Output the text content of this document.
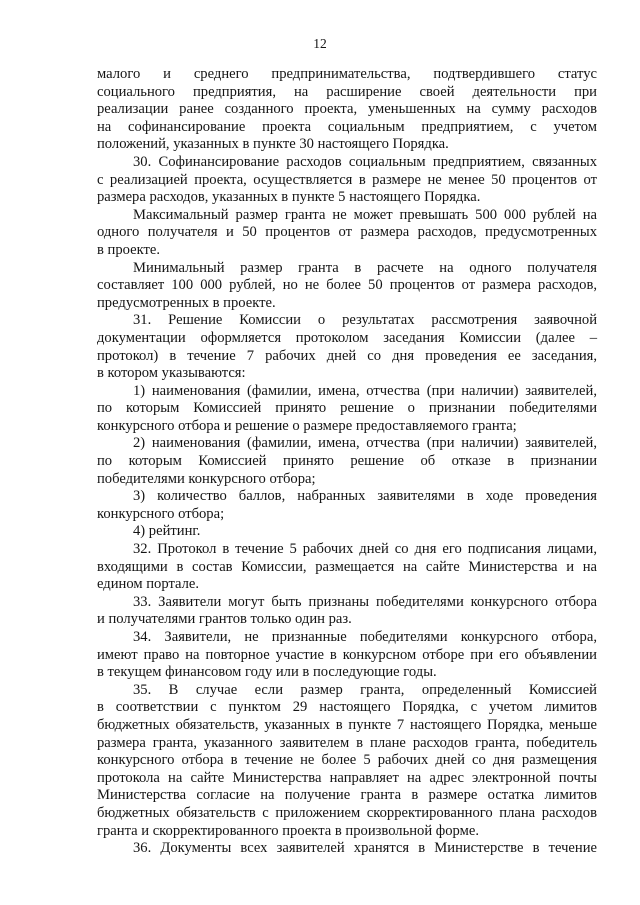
12
малого и среднего предпринимательства, подтвердившего статус
социального предприятия, на расширение своей деятельности при
реализации ранее созданного проекта, уменьшенных на сумму расходов
на софинансирование проекта социальным предприятием, с учетом
положений, указанных в пункте 30 настоящего Порядка.
30. Софинансирование расходов социальным предприятием, связанных
с реализацией проекта, осуществляется в размере не менее 50 процентов от
размера расходов, указанных в пункте 5 настоящего Порядка.
Максимальный размер гранта не может превышать 500 000 рублей на
одного получателя и 50 процентов от размера расходов, предусмотренных
в проекте.
Минимальный размер гранта в расчете на одного получателя
составляет 100 000 рублей, но не более 50 процентов от размера расходов,
предусмотренных в проекте.
31. Решение Комиссии о результатах рассмотрения заявочной
документации оформляется протоколом заседания Комиссии (далее –
протокол) в течение 7 рабочих дней со дня проведения ее заседания,
в котором указываются:
1) наименования (фамилии, имена, отчества (при наличии) заявителей,
по которым Комиссией принято решение о признании победителями
конкурсного отбора и решение о размере предоставляемого гранта;
2) наименования (фамилии, имена, отчества (при наличии) заявителей,
по которым Комиссией принято решение об отказе в признании
победителями конкурсного отбора;
3) количество баллов, набранных заявителями в ходе проведения
конкурсного отбора;
4) рейтинг.
32. Протокол в течение 5 рабочих дней со дня его подписания лицами,
входящими в состав Комиссии, размещается на сайте Министерства и на
едином портале.
33. Заявители могут быть признаны победителями конкурсного отбора
и получателями грантов только один раз.
34. Заявители, не признанные победителями конкурсного отбора,
имеют право на повторное участие в конкурсном отборе при его объявлении
в текущем финансовом году или в последующие годы.
35. В случае если размер гранта, определенный Комиссией
в соответствии с пунктом 29 настоящего Порядка, с учетом лимитов
бюджетных обязательств, указанных в пункте 7 настоящего Порядка, меньше
размера гранта, указанного заявителем в плане расходов гранта, победитель
конкурсного отбора в течение не более 5 рабочих дней со дня размещения
протокола на сайте Министерства направляет на адрес электронной почты
Министерства согласие на получение гранта в размере остатка лимитов
бюджетных обязательств с приложением скорректированного плана расходов
гранта и скорректированного проекта в произвольной форме.
36. Документы всех заявителей хранятся в Министерстве в течение
